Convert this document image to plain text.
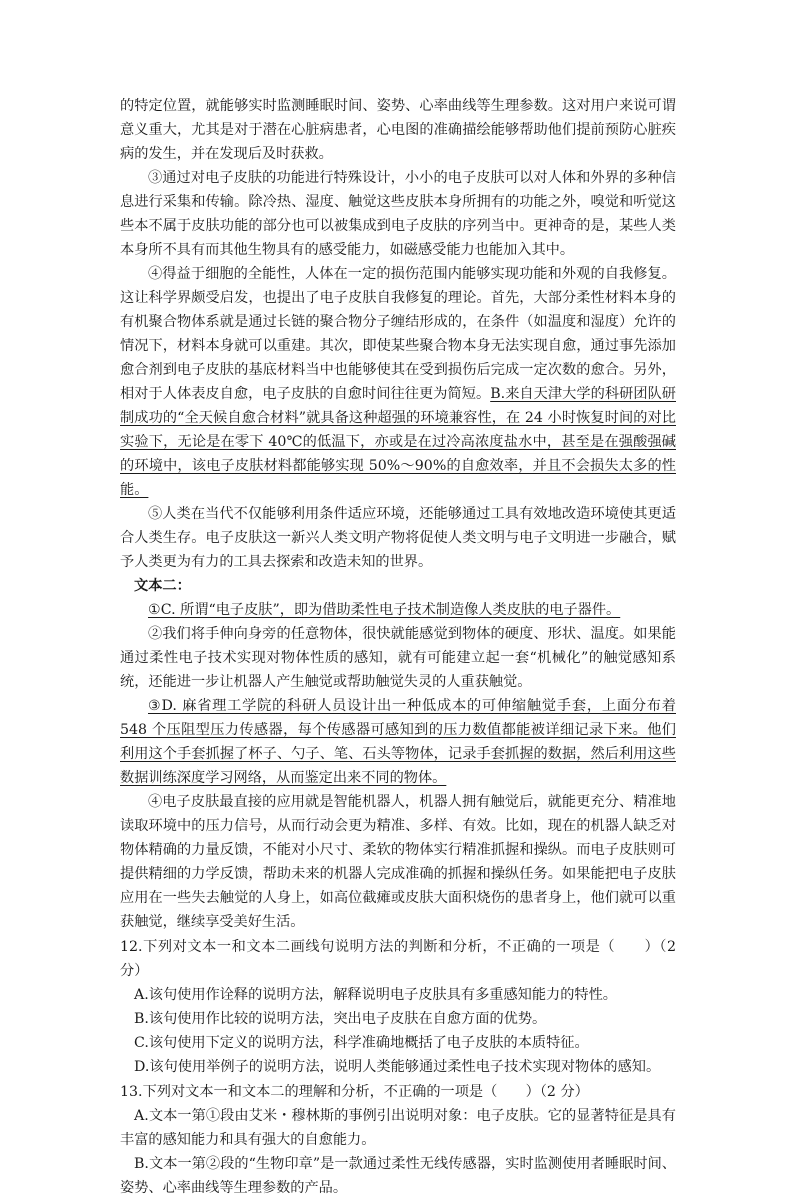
的特定位置，就能够实时监测睡眠时间、姿势、心率曲线等生理参数。这对用户来说可谓意义重大，尤其是对于潜在心脏病患者，心电图的准确描绘能够帮助他们提前预防心脏疾病的发生，并在发现后及时获救。

③通过对电子皮肤的功能进行特殊设计，小小的电子皮肤可以对人体和外界的多种信息进行采集和传输。除冷热、湿度、触觉这些皮肤本身所拥有的功能之外，嗅觉和听觉这些本不属于皮肤功能的部分也可以被集成到电子皮肤的序列当中。更神奇的是，某些人类本身所不具有而其他生物具有的感受能力，如磁感受能力也能加入其中。

④得益于细胞的全能性，人体在一定的损伤范围内能够实现功能和外观的自我修复。这让科学界颇受启发，也提出了电子皮肤自我修复的理论。首先，大部分柔性材料本身的有机聚合物体系就是通过长链的聚合物分子缠结形成的，在条件（如温度和湿度）允许的情况下，材料本身就可以重建。其次，即使某些聚合物本身无法实现自愈，通过事先添加愈合剂到电子皮肤的基底材料当中也能够使其在受到损伤后完成一定次数的愈合。另外，相对于人体表皮自愈，电子皮肤的自愈时间往往更为简短。B.来自天津大学的科研团队研制成功的“全天候自愈合材料”就具备这种超强的环境兼容性，在 24 小时恢复时间的对比实验下，无论是在零下 40℃的低温下，亦或是在过冷高浓度盐水中，甚至是在强酸强碱的环境中，该电子皮肤材料都能够实现 50%～90%的自愈效率，并且不会损失太多的性能。

⑤人类在当代不仅能够利用条件适应环境，还能够通过工具有效地改造环境使其更适合人类生存。电子皮肤这一新兴人类文明产物将促使人类文明与电子文明进一步融合，赋予人类更为有力的工具去探索和改造未知的世界。

文本二：

①C. 所谓“电子皮肤”，即为借助柔性电子技术制造像人类皮肤的电子器件。

②我们将手伸向身旁的任意物体，很快就能感觉到物体的硬度、形状、温度。如果能通过柔性电子技术实现对物体性质的感知，就有可能建立起一套“机械化”的触觉感知系统，还能进一步让机器人产生触觉或帮助触觉失灵的人重获触觉。

③D. 麻省理工学院的科研人员设计出一种低成本的可伸缩触觉手套，上面分布着 548 个压阻型压力传感器，每个传感器可感知到的压力数值都能被详细记录下来。他们利用这个手套抓握了杯子、勺子、笔、石头等物体，记录手套抓握的数据，然后利用这些数据训练深度学习网络，从而鉴定出来不同的物体。

④电子皮肤最直接的应用就是智能机器人，机器人拥有触觉后，就能更充分、精准地读取环境中的压力信号，从而行动会更为精准、多样、有效。比如，现在的机器人缺乏对物体精确的力量反馈，不能对小尺寸、柔软的物体实行精准抓握和操纵。而电子皮肤则可提供精细的力学反馈，帮助未来的机器人完成准确的抓握和操纵任务。如果能把电子皮肤应用在一些失去触觉的人身上，如高位截瘫或皮肤大面积烧伤的患者身上，他们就可以重获触觉，继续享受美好生活。

12.下列对文本一和文本二画线句说明方法的判断和分析，不正确的一项是（　　）（2 分）

A.该句使用作诠释的说明方法，解释说明电子皮肤具有多重感知能力的特性。

B.该句使用作比较的说明方法，突出电子皮肤在自愈方面的优势。

C.该句使用下定义的说明方法，科学准确地概括了电子皮肤的本质特征。

D.该句使用举例子的说明方法，说明人类能够通过柔性电子技术实现对物体的感知。

13.下列对文本一和文本二的理解和分析，不正确的一项是（　　）（2 分）

A.文本一第①段由艾米・穆林斯的事例引出说明对象：电子皮肤。它的显著特征是具有丰富的感知能力和具有强大的自愈能力。

B.文本一第②段的“生物印章”是一款通过柔性无线传感器，实时监测使用者睡眠时间、姿势、心率曲线等生理参数的产品。
